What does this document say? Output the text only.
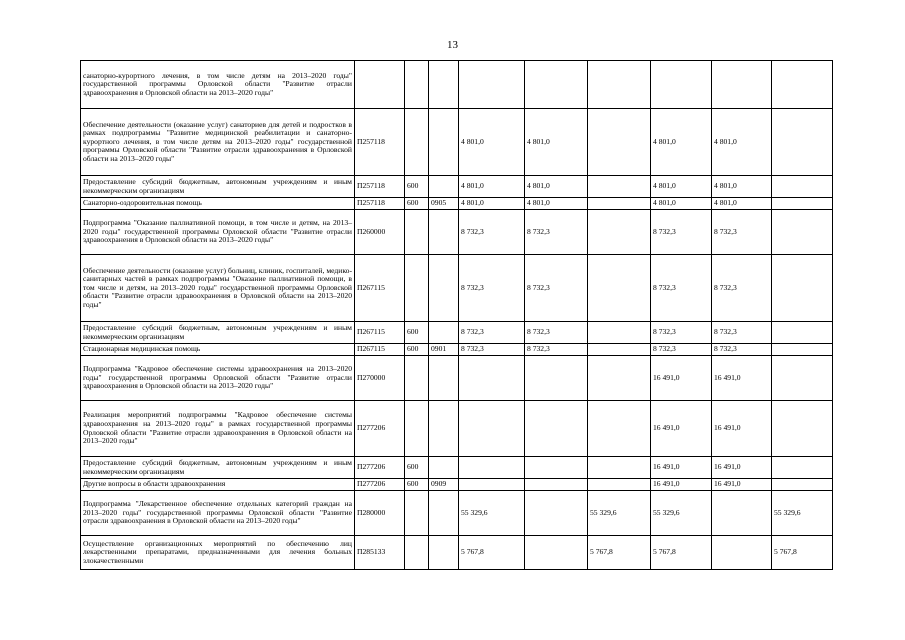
13
санаторно-курортного лечения, в том числе детям на 2013–2020 годы" государственной программы Орловской области "Развитие отрасли здравоохранения в Орловской области на 2013–2020 годы"									
Обеспечение деятельности (оказание услуг) санаториев для детей и подростков в рамках подпрограммы "Развитие медицинской реабилитации и санаторно-курортного лечения, в том числе детям на 2013–2020 годы" государственной программы Орловской области "Развитие отрасли здравоохранения в Орловской области на 2013–2020 годы"	П257118			4 801,0	4 801,0		4 801,0	4 801,0	
Предоставление субсидий бюджетным, автономным учреждениям и иным некоммерческим организациям	П257118	600		4 801,0	4 801,0		4 801,0	4 801,0	
Санаторно-оздоровительная помощь	П257118	600	0905	4 801,0	4 801,0		4 801,0	4 801,0	
Подпрограмма "Оказание паллиативной помощи, в том числе и детям, на 2013–2020 годы" государственной программы Орловской области "Развитие отрасли здравоохранения в Орловской области на 2013–2020 годы"	П260000			8 732,3	8 732,3		8 732,3	8 732,3	
Обеспечение деятельности (оказание услуг) больниц, клиник, госпиталей, медико-санитарных частей в рамках подпрограммы "Оказание паллиативной помощи, в том числе и детям, на 2013–2020 годы" государственной программы Орловской области "Развитие отрасли здравоохранения в Орловской области на 2013–2020 годы"	П267115			8 732,3	8 732,3		8 732,3	8 732,3	
Предоставление субсидий бюджетным, автономным учреждениям и иным некоммерческим организациям	П267115	600		8 732,3	8 732,3		8 732,3	8 732,3	
Стационарная медицинская помощь	П267115	600	0901	8 732,3	8 732,3		8 732,3	8 732,3	
Подпрограмма "Кадровое обеспечение системы здравоохранения на 2013–2020 годы" государственной программы Орловской области "Развитие отрасли здравоохранения в Орловской области на 2013–2020 годы"	П270000						16 491,0	16 491,0	
Реализация мероприятий подпрограммы "Кадровое обеспечение системы здравоохранения на 2013–2020 годы" в рамках государственной программы Орловской области "Развитие отрасли здравоохранения в Орловской области на 2013–2020 годы"	П277206						16 491,0	16 491,0	
Предоставление субсидий бюджетным, автономным учреждениям и иным некоммерческим организациям	П277206	600					16 491,0	16 491,0	
Другие вопросы в области здравоохранения	П277206	600	0909				16 491,0	16 491,0	
Подпрограмма "Лекарственное обеспечение отдельных категорий граждан на 2013–2020 годы" государственной программы Орловской области "Развитие отрасли здравоохранения в Орловской области на 2013–2020 годы"	П280000			55 329,6		55 329,6	55 329,6		55 329,6
Осуществление организационных мероприятий по обеспечению лиц лекарственными препаратами, предназначенными для лечения больных злокачественными	П285133			5 767,8		5 767,8	5 767,8		5 767,8
